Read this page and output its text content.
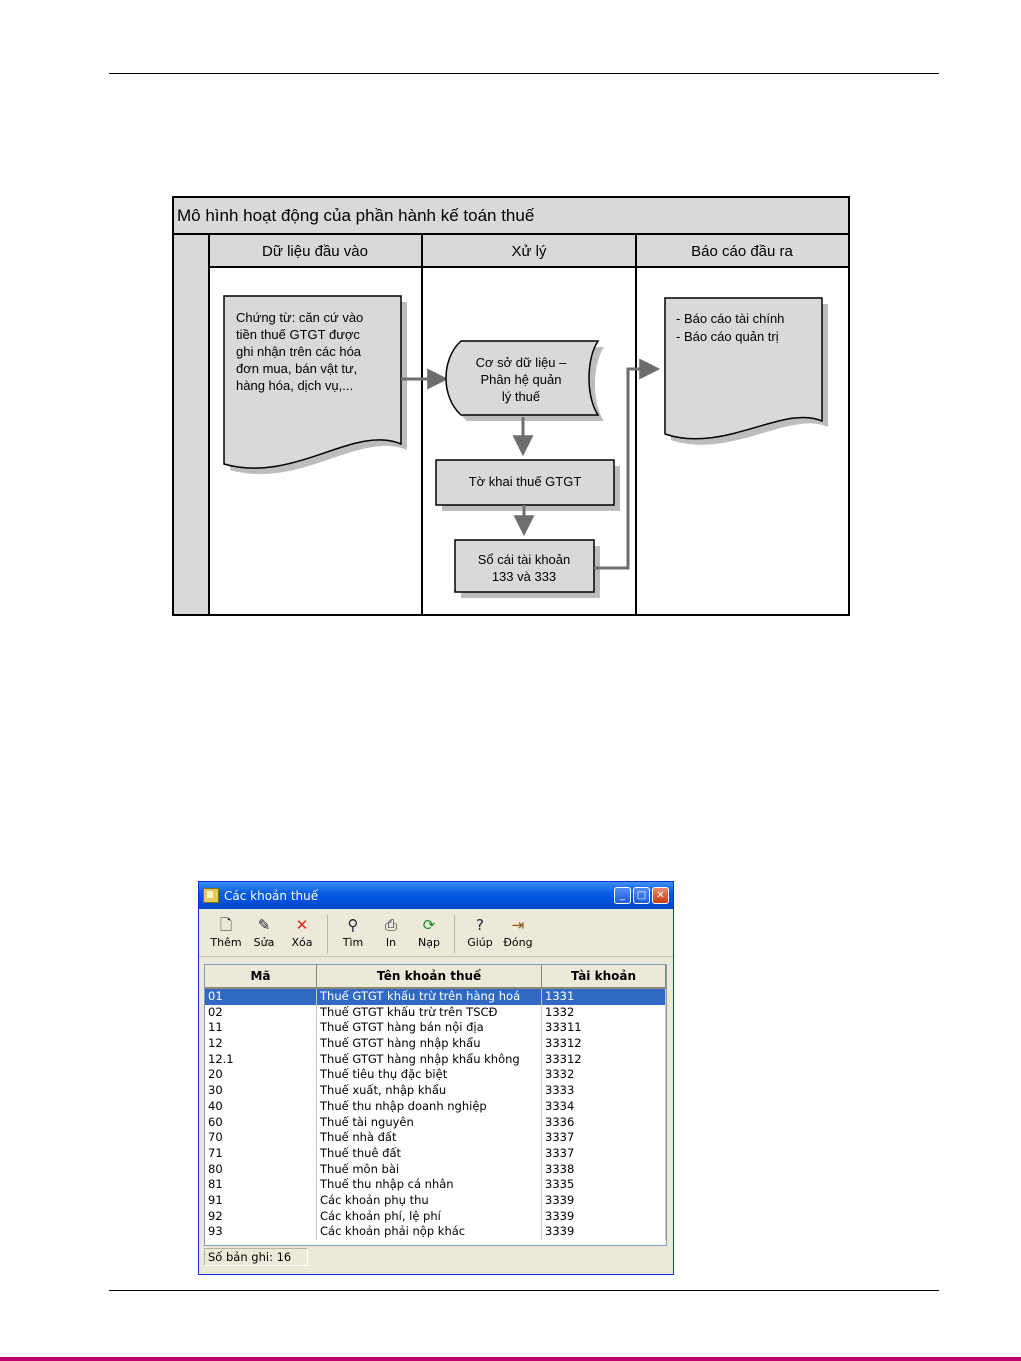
Mô hình hoạt động của phần hành kế toán thuế
Dữ liệu đầu vào	Xử lý	Báo cáo đầu ra
Chứng từ: căn cứ vào
tiền thuế GTGT được
ghi nhận trên các hóa
đơn mua, bán vật tư,
hàng hóa, dịch vụ,...
Cơ sở dữ liệu –
Phân hệ quản
lý thuế
Tờ khai thuế GTGT
Sổ cái tài khoản
133 và 333
- Báo cáo tài chính
- Báo cáo quản trị
Các khoản thuế	_	□	✕
🗋
Thêm
✎
Sửa
✕
Xóa
⚲
Tìm
⎙
In
⟳
Nạp
?
Giúp
⇥
Đóng
Mã	Tên khoản thuế	Tài khoản
01	Thuế GTGT khấu trừ trên hàng hoá	1331
02	Thuế GTGT khấu trừ trên TSCĐ	1332
11	Thuế GTGT hàng bán nội địa	33311
12	Thuế GTGT hàng nhập khẩu	33312
12.1	Thuế GTGT hàng nhập khẩu không	33312
20	Thuế tiêu thụ đặc biệt	3332
30	Thuế xuất, nhập khẩu	3333
40	Thuế thu nhập doanh nghiệp	3334
60	Thuế tài nguyên	3336
70	Thuế nhà đất	3337
71	Thuế thuê đất	3337
80	Thuế môn bài	3338
81	Thuế thu nhập cá nhân	3335
91	Các khoản phụ thu	3339
92	Các khoản phí, lệ phí	3339
93	Các khoản phải nộp khác	3339
Số bản ghi: 16
